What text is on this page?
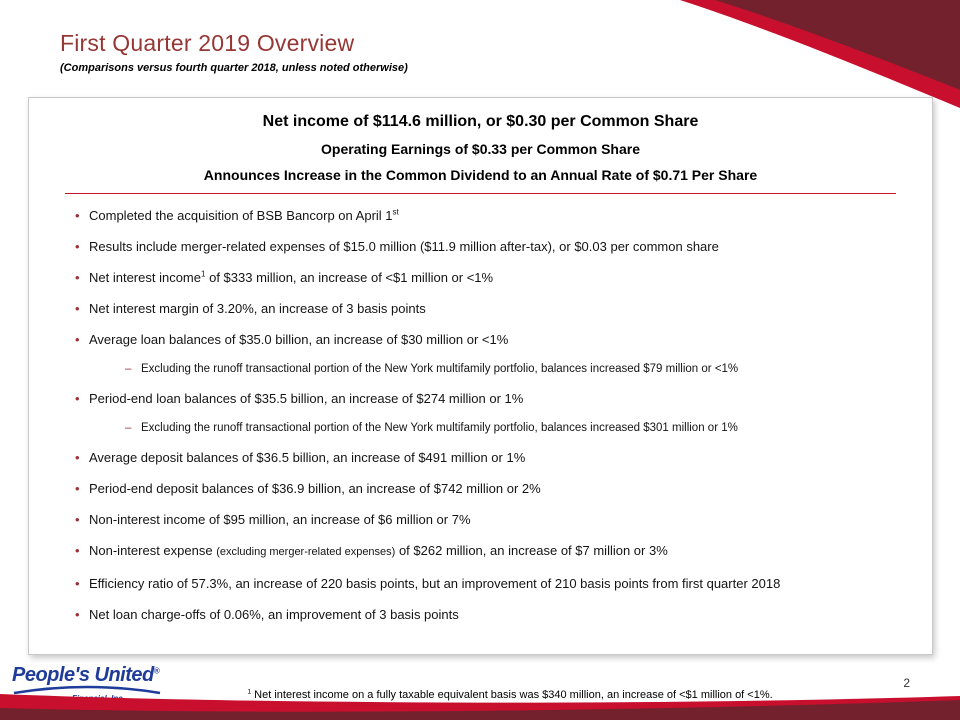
First Quarter 2019 Overview
(Comparisons versus fourth quarter 2018, unless noted otherwise)
Net income of $114.6 million, or $0.30 per Common Share
Operating Earnings of $0.33 per Common Share
Announces Increase in the Common Dividend to an Annual Rate of $0.71 Per Share
• Completed the acquisition of BSB Bancorp on April 1st
• Results include merger-related expenses of $15.0 million ($11.9 million after-tax), or $0.03 per common share
• Net interest income$^1$ of $333 million, an increase of <$1 million or <1%
• Net interest margin of 3.20%, an increase of 3 basis points
• Average loan balances of $35.0 billion, an increase of $30 million or <1%
– Excluding the runoff transactional portion of the New York multifamily portfolio, balances increased $79 million or <1%
• Period-end loan balances of $35.5 billion, an increase of $274 million or 1%
– Excluding the runoff transactional portion of the New York multifamily portfolio, balances increased $301 million or 1%
• Average deposit balances of $36.5 billion, an increase of $491 million or 1%
• Period-end deposit balances of $36.9 billion, an increase of $742 million or 2%
• Non-interest income of $95 million, an increase of $6 million or 7%
• Non-interest expense (excluding merger-related expenses) of $262 million, an increase of $7 million or 3%
• Efficiency ratio of 57.3%, an increase of 220 basis points, but an improvement of 210 basis points from first quarter 2018
• Net loan charge-offs of 0.06%, an improvement of 3 basis points
People's United®
$^1$ Net interest income on a fully taxable equivalent basis was $340 million, an increase of <$1 million of <1%.
2
